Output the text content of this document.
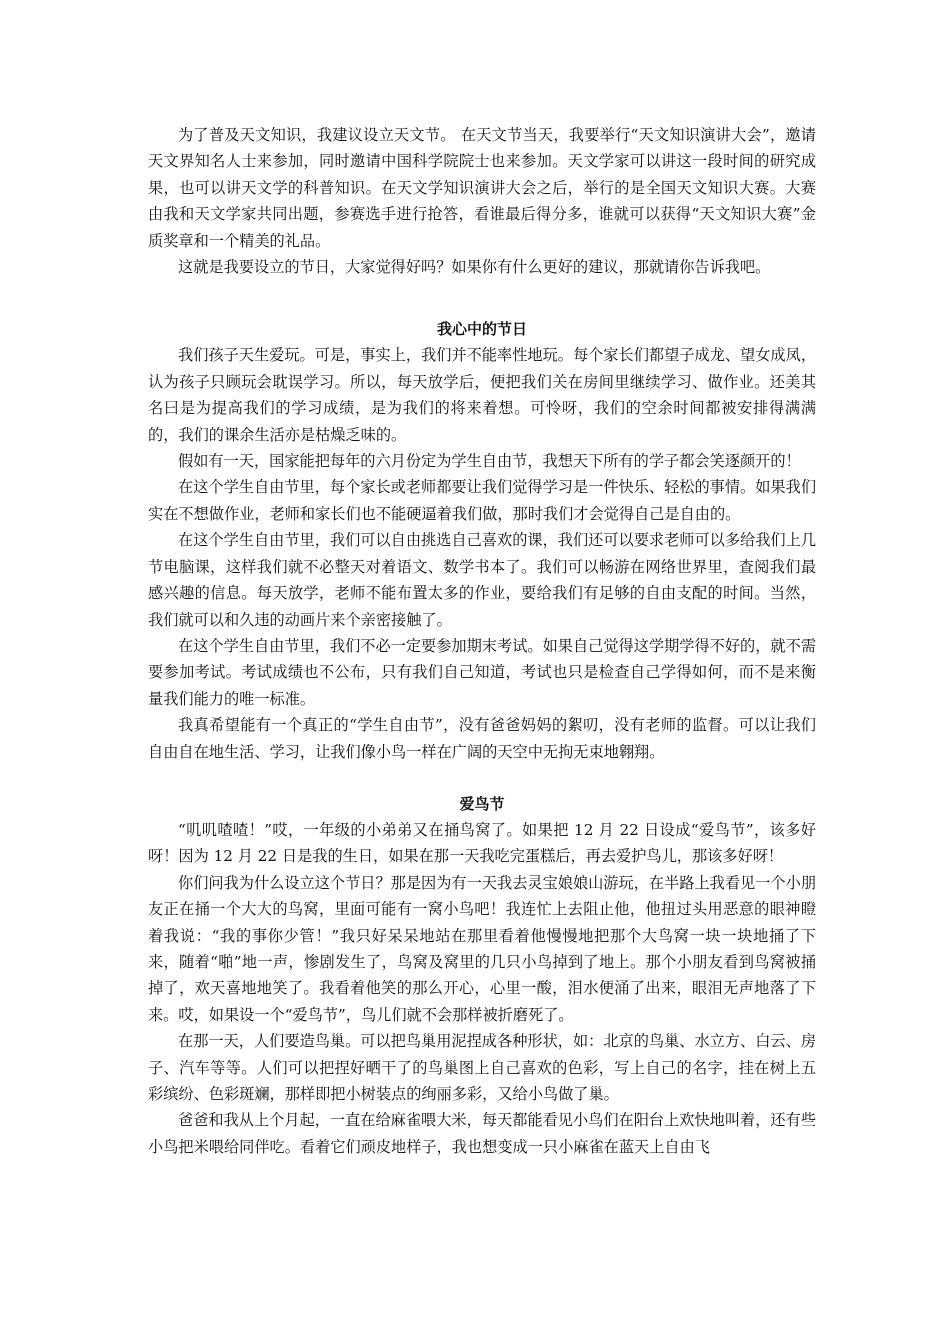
为了普及天文知识，我建议设立天文节。 在天文节当天，我要举行“天文知识演讲大会”，邀请天文界知名人士来参加，同时邀请中国科学院院士也来参加。天文学家可以讲这一段时间的研究成果，也可以讲天文学的科普知识。在天文学知识演讲大会之后，举行的是全国天文知识大赛。大赛由我和天文学家共同出题，参赛选手进行抢答，看谁最后得分多，谁就可以获得“天文知识大赛”金质奖章和一个精美的礼品。

这就是我要设立的节日，大家觉得好吗？如果你有什么更好的建议，那就请你告诉我吧。

我心中的节日

我们孩子天生爱玩。可是，事实上，我们并不能率性地玩。每个家长们都望子成龙、望女成凤，认为孩子只顾玩会耽误学习。所以，每天放学后，便把我们关在房间里继续学习、做作业。还美其名曰是为提高我们的学习成绩，是为我们的将来着想。可怜呀，我们的空余时间都被安排得满满的，我们的课余生活亦是枯燥乏味的。

假如有一天，国家能把每年的六月份定为学生自由节，我想天下所有的学子都会笑逐颜开的！

在这个学生自由节里，每个家长或老师都要让我们觉得学习是一件快乐、轻松的事情。如果我们实在不想做作业，老师和家长们也不能硬逼着我们做，那时我们才会觉得自己是自由的。

在这个学生自由节里，我们可以自由挑选自己喜欢的课，我们还可以要求老师可以多给我们上几节电脑课，这样我们就不必整天对着语文、数学书本了。我们可以畅游在网络世界里，查阅我们最感兴趣的信息。每天放学，老师不能布置太多的作业，要给我们有足够的自由支配的时间。当然，我们就可以和久违的动画片来个亲密接触了。

在这个学生自由节里，我们不必一定要参加期末考试。如果自己觉得这学期学得不好的，就不需要参加考试。考试成绩也不公布，只有我们自己知道，考试也只是检查自己学得如何，而不是来衡量我们能力的唯一标准。

我真希望能有一个真正的“学生自由节”，没有爸爸妈妈的絮叨，没有老师的监督。可以让我们自由自在地生活、学习，让我们像小鸟一样在广阔的天空中无拘无束地翱翔。

爱鸟节

“叽叽喳喳！”哎，一年级的小弟弟又在捅鸟窝了。如果把 12 月 22 日设成“爱鸟节”，该多好呀！因为 12 月 22 日是我的生日，如果在那一天我吃完蛋糕后，再去爱护鸟儿，那该多好呀！

你们问我为什么设立这个节日？那是因为有一天我去灵宝娘娘山游玩，在半路上我看见一个小朋友正在捅一个大大的鸟窝，里面可能有一窝小鸟吧！我连忙上去阻止他，他扭过头用恶意的眼神瞪着我说：“我的事你少管！”我只好呆呆地站在那里看着他慢慢地把那个大鸟窝一块一块地捅了下来，随着“啪”地一声，惨剧发生了，鸟窝及窝里的几只小鸟掉到了地上。那个小朋友看到鸟窝被捅掉了，欢天喜地地笑了。我看着他笑的那么开心，心里一酸，泪水便涌了出来，眼泪无声地落了下来。哎，如果设一个“爱鸟节”，鸟儿们就不会那样被折磨死了。

在那一天，人们要造鸟巢。可以把鸟巢用泥捏成各种形状，如：北京的鸟巢、水立方、白云、房子、汽车等等。人们可以把捏好晒干了的鸟巢图上自己喜欢的色彩，写上自己的名字，挂在树上五彩缤纷、色彩斑斓，那样即把小树装点的绚丽多彩，又给小鸟做了巢。

爸爸和我从上个月起，一直在给麻雀喂大米，每天都能看见小鸟们在阳台上欢快地叫着，还有些小鸟把米喂给同伴吃。看着它们顽皮地样子，我也想变成一只小麻雀在蓝天上自由飞
